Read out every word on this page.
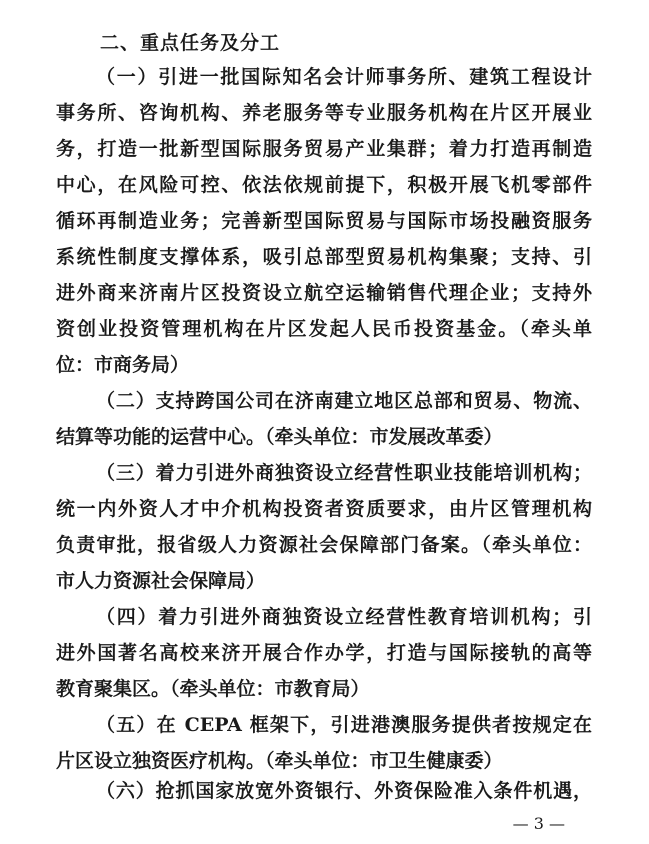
二、重点任务及分工
（一）引进一批国际知名会计师事务所、建筑工程设计
事务所、咨询机构、养老服务等专业服务机构在片区开展业
务，打造一批新型国际服务贸易产业集群；着力打造再制造
中心，在风险可控、依法依规前提下，积极开展飞机零部件
循环再制造业务；完善新型国际贸易与国际市场投融资服务
系统性制度支撑体系，吸引总部型贸易机构集聚；支持、引
进外商来济南片区投资设立航空运输销售代理企业；支持外
资创业投资管理机构在片区发起人民币投资基金。（牵头单
位：市商务局）
（二）支持跨国公司在济南建立地区总部和贸易、物流、
结算等功能的运营中心。（牵头单位：市发展改革委）
（三）着力引进外商独资设立经营性职业技能培训机构；
统一内外资人才中介机构投资者资质要求，由片区管理机构
负责审批，报省级人力资源社会保障部门备案。（牵头单位：
市人力资源社会保障局）
（四）着力引进外商独资设立经营性教育培训机构；引
进外国著名高校来济开展合作办学，打造与国际接轨的高等
教育聚集区。（牵头单位：市教育局）
（五）在 CEPA 框架下，引进港澳服务提供者按规定在
片区设立独资医疗机构。（牵头单位：市卫生健康委）
（六）抢抓国家放宽外资银行、外资保险准入条件机遇，
— 3 —
